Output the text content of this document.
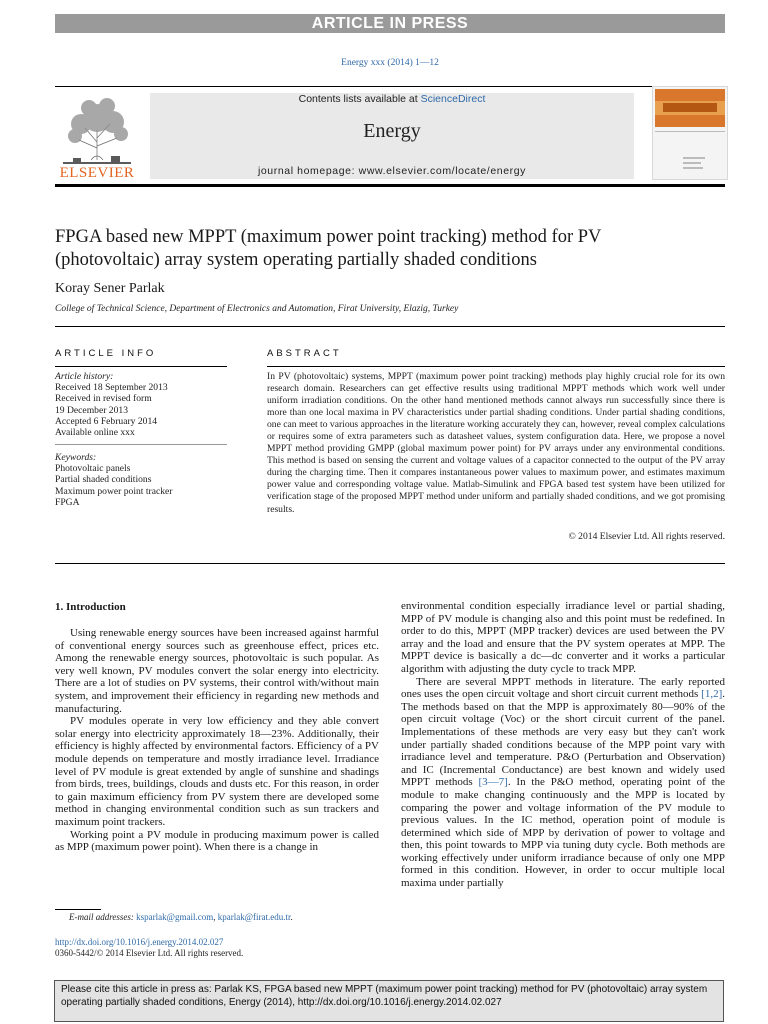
ARTICLE IN PRESS
Energy xxx (2014) 1—12
ELSEVIER
Contents lists available at ScienceDirect
Energy
journal homepage: www.elsevier.com/locate/energy
FPGA based new MPPT (maximum power point tracking) method for PV (photovoltaic) array system operating partially shaded conditions
Koray Sener Parlak
College of Technical Science, Department of Electronics and Automation, Firat University, Elazig, Turkey
ARTICLE INFO
Article history:
Received 18 September 2013
Received in revised form
19 December 2013
Accepted 6 February 2014
Available online xxx
Keywords:
Photovoltaic panels
Partial shaded conditions
Maximum power point tracker
FPGA
ABSTRACT
In PV (photovoltaic) systems, MPPT (maximum power point tracking) methods play highly crucial role for its own research domain. Researchers can get effective results using traditional MPPT methods which work well under uniform irradiation conditions. On the other hand mentioned methods cannot always run successfully since there is more than one local maxima in PV characteristics under partial shading conditions. Under partial shading conditions, one can meet to various approaches in the literature working accurately they can, however, reveal complex calculations or requires some of extra parameters such as datasheet values, system configuration data. Here, we propose a novel MPPT method providing GMPP (global maximum power point) for PV arrays under any environmental conditions. This method is based on sensing the current and voltage values of a capacitor connected to the output of the PV array during the charging time. Then it compares instantaneous power values to maximum power, and estimates maximum power value and corresponding voltage value. Matlab-Simulink and FPGA based test system have been utilized for verification stage of the proposed MPPT method under uniform and partially shaded conditions, and we got promising results.
© 2014 Elsevier Ltd. All rights reserved.
1. Introduction

Using renewable energy sources have been increased against harmful of conventional energy sources such as greenhouse effect, prices etc. Among the renewable energy sources, photovoltaic is such popular. As very well known, PV modules convert the solar energy into electricity. There are a lot of studies on PV systems, their control with/without main system, and improvement their efficiency in regarding new methods and manufacturing.

PV modules operate in very low efficiency and they able convert solar energy into electricity approximately 18—23%. Additionally, their efficiency is highly affected by environmental factors. Efficiency of a PV module depends on temperature and mostly irradiance level. Irradiance level of PV module is great extended by angle of sunshine and shadings from birds, trees, buildings, clouds and dusts etc. For this reason, in order to gain maximum efficiency from PV system there are developed some method in changing environmental condition such as sun trackers and maximum point trackers.

Working point a PV module in producing maximum power is called as MPP (maximum power point). When there is a change in

environmental condition especially irradiance level or partial shading, MPP of PV module is changing also and this point must be redefined. In order to do this, MPPT (MPP tracker) devices are used between the PV array and the load and ensure that the PV system operates at MPP. The MPPT device is basically a dc—dc converter and it works a particular algorithm with adjusting the duty cycle to track MPP.

There are several MPPT methods in literature. The early reported ones uses the open circuit voltage and short circuit current methods [1,2]. The methods based on that the MPP is approximately 80—90% of the open circuit voltage (Voc) or the short circuit current of the panel. Implementations of these methods are very easy but they can't work under partially shaded conditions because of the MPP point vary with irradiance level and temperature. P&O (Perturbation and Observation) and IC (Incremental Conductance) are best known and widely used MPPT methods [3—7]. In the P&O method, operating point of the module to make changing continuously and the MPP is located by comparing the power and voltage information of the PV module to previous values. In the IC method, operation point of module is determined which side of MPP by derivation of power to voltage and then, this point towards to MPP via tuning duty cycle. Both methods are working effectively under uniform irradiance because of only one MPP formed in this condition. However, in order to occur multiple local maxima under partially

E-mail addresses: ksparlak@gmail.com, kparlak@firat.edu.tr.
http://dx.doi.org/10.1016/j.energy.2014.02.027
0360-5442/© 2014 Elsevier Ltd. All rights reserved.
Please cite this article in press as: Parlak KS, FPGA based new MPPT (maximum power point tracking) method for PV (photovoltaic) array system operating partially shaded conditions, Energy (2014), http://dx.doi.org/10.1016/j.energy.2014.02.027
